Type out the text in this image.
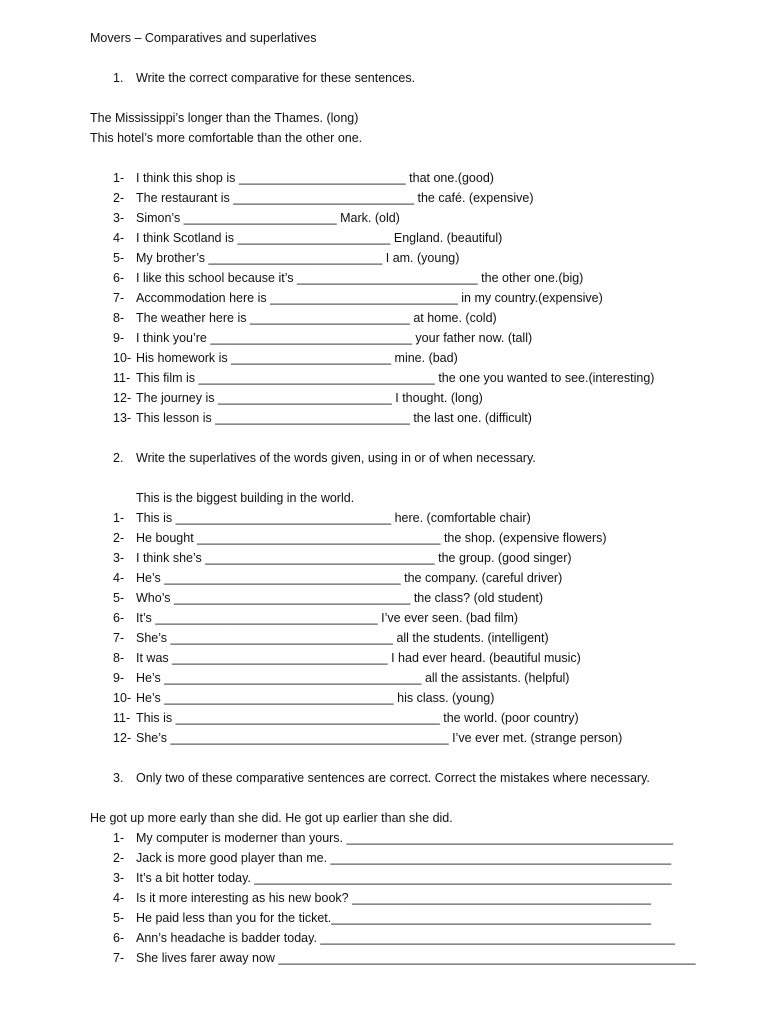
Movers – Comparatives and superlatives
1. Write the correct comparative for these sentences.
The Mississippi’s longer than the Thames. (long)
This hotel’s more comfortable than the other one.
1- I think this shop is ________________________ that one.(good)
2- The restaurant is __________________________ the café. (expensive)
3- Simon’s ______________________ Mark. (old)
4- I think Scotland is ______________________ England. (beautiful)
5- My brother’s _________________________ I am. (young)
6- I like this school because it’s __________________________ the other one.(big)
7- Accommodation here is ___________________________ in my country.(expensive)
8- The weather here is _______________________ at home. (cold)
9- I think you’re _____________________________ your father now. (tall)
10- His homework is _______________________ mine. (bad)
11- This film is __________________________________ the one you wanted to see.(interesting)
12- The journey is _________________________ I thought. (long)
13- This lesson is ____________________________ the last one. (difficult)
2. Write the superlatives of the words given, using in or of when necessary.
This is the biggest building in the world.
1- This is _______________________________ here. (comfortable chair)
2- He bought ___________________________________ the shop. (expensive flowers)
3- I think she’s _________________________________ the group. (good singer)
4- He’s __________________________________ the company. (careful driver)
5- Who’s __________________________________ the class? (old student)
6- It’s ________________________________ I’ve ever seen. (bad film)
7- She’s ________________________________ all the students. (intelligent)
8- It was _______________________________ I had ever heard. (beautiful music)
9- He’s _____________________________________ all the assistants. (helpful)
10- He’s _________________________________ his class. (young)
11- This is ______________________________________ the world. (poor country)
12- She’s ________________________________________ I’ve ever met. (strange person)
3. Only two of these comparative sentences are correct. Correct the mistakes where necessary.
He got up more early than she did. He got up earlier than she did.
1- My computer is moderner than yours. _______________________________________________
2- Jack is more good player than me. _________________________________________________
3- It’s a bit hotter today. ____________________________________________________________
4- Is it more interesting as his new book? ___________________________________________
5- He paid less than you for the ticket.______________________________________________
6- Ann’s headache is badder today. ___________________________________________________
7- She lives farer away now ____________________________________________________________
